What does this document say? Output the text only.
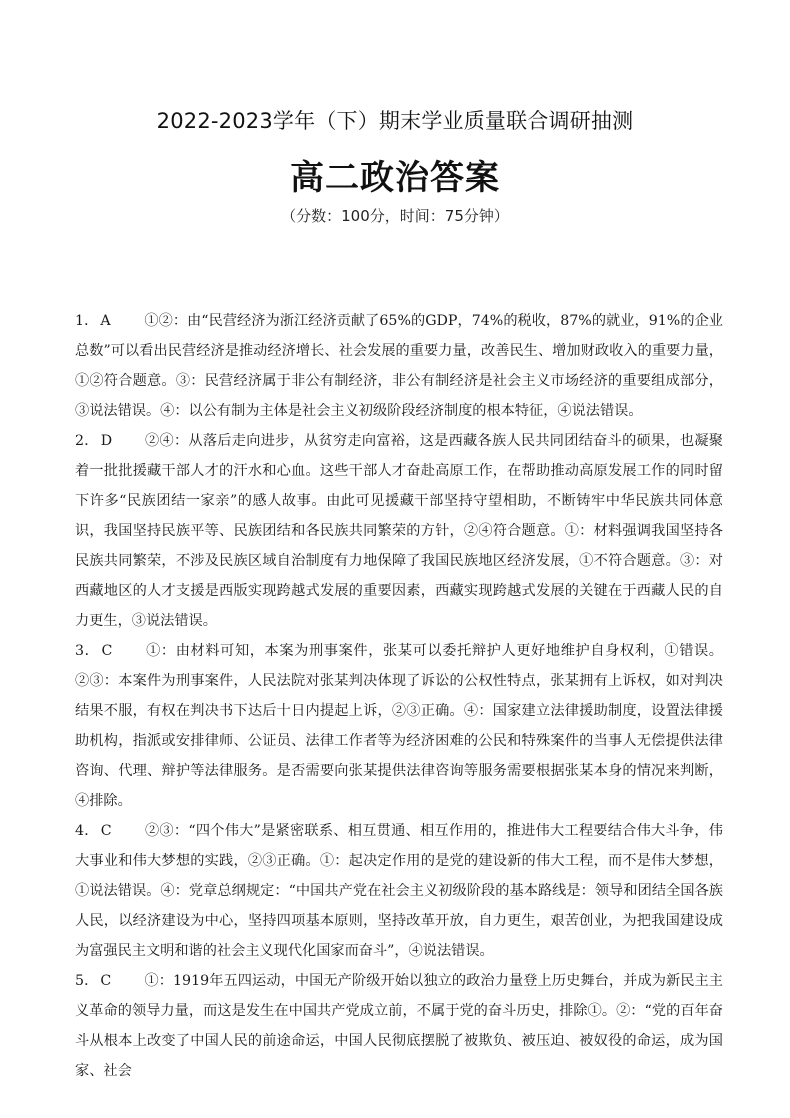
2022-2023学年（下）期末学业质量联合调研抽测
高二政治答案
（分数：100分，时间：75分钟）

1． A ①②：由“民营经济为浙江经济贡献了65%的GDP，74%的税收，87%的就业，91%的企业总数”可以看出民营经济是推动经济增长、社会发展的重要力量，改善民生、增加财政收入的重要力量，①②符合题意。③：民营经济属于非公有制经济，非公有制经济是社会主义市场经济的重要组成部分，③说法错误。④：以公有制为主体是社会主义初级阶段经济制度的根本特征，④说法错误。

2． D ②④：从落后走向进步，从贫穷走向富裕，这是西藏各族人民共同团结奋斗的硕果，也凝聚着一批批援藏干部人才的汗水和心血。这些干部人才奋赴高原工作，在帮助推动高原发展工作的同时留下许多“民族团结一家亲”的感人故事。由此可见援藏干部坚持守望相助，不断铸牢中华民族共同体意识，我国坚持民族平等、民族团结和各民族共同繁荣的方针，②④符合题意。①：材料强调我国坚持各民族共同繁荣，不涉及民族区域自治制度有力地保障了我国民族地区经济发展，①不符合题意。③：对西藏地区的人才支援是西版实现跨越式发展的重要因素，西藏实现跨越式发展的关键在于西藏人民的自力更生，③说法错误。

3． C ①：由材料可知，本案为刑事案件，张某可以委托辩护人更好地维护自身权利，①错误。②③：本案件为刑事案件，人民法院对张某判决体现了诉讼的公权性特点，张某拥有上诉权，如对判决结果不服，有权在判决书下达后十日内提起上诉，②③正确。④：国家建立法律援助制度，设置法律援助机构，指派或安排律师、公证员、法律工作者等为经济困难的公民和特殊案件的当事人无偿提供法律咨询、代理、辩护等法律服务。是否需要向张某提供法律咨询等服务需要根据张某本身的情况来判断，④排除。

4． C ②③：“四个伟大”是紧密联系、相互贯通、相互作用的，推进伟大工程要结合伟大斗争，伟大事业和伟大梦想的实践，②③正确。①：起决定作用的是党的建设新的伟大工程，而不是伟大梦想，①说法错误。④：党章总纲规定：“中国共产党在社会主义初级阶段的基本路线是：领导和团结全国各族人民，以经济建设为中心，坚持四项基本原则，坚持改革开放，自力更生，艰苦创业，为把我国建设成为富强民主文明和谐的社会主义现代化国家而奋斗”，④说法错误。

5． C ①：1919年五四运动，中国无产阶级开始以独立的政治力量登上历史舞台，并成为新民主主义革命的领导力量，而这是发生在中国共产党成立前，不属于党的奋斗历史，排除①。②：“党的百年奋斗从根本上改变了中国人民的前途命运，中国人民彻底摆脱了被欺负、被压迫、被奴役的命运，成为国家、社会
